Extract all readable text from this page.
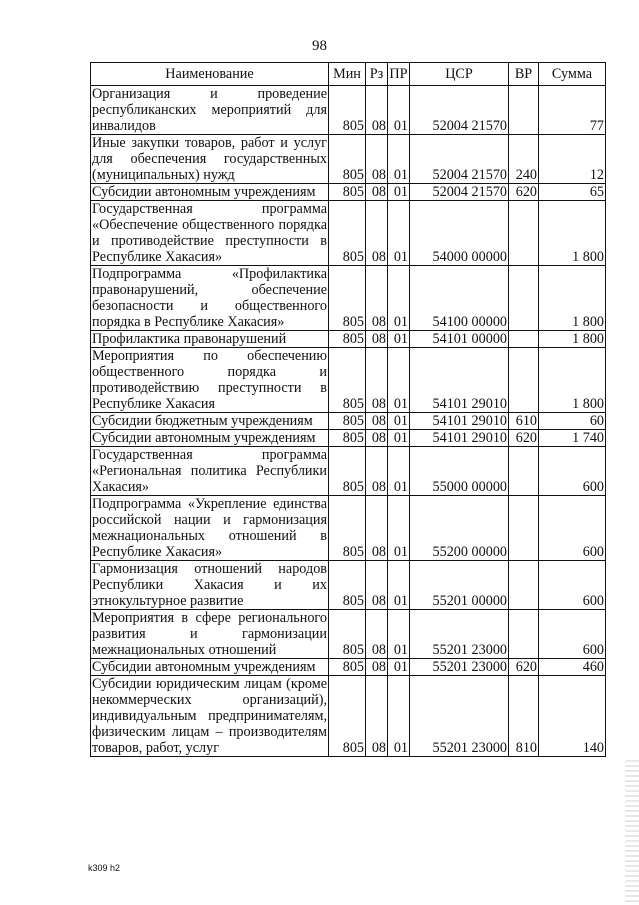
98
Наименование	Мин	Рз	ПР	ЦСР	ВР	Сумма
Организация и проведение республиканских мероприятий для инвалидов	805	08	01	52004 21570		77
Иные закупки товаров, работ и услуг для обеспечения государственных (муниципальных) нужд	805	08	01	52004 21570	240	12
Субсидии автономным учреждениям	805	08	01	52004 21570	620	65
Государственная программа «Обеспечение общественного порядка и противодействие преступности в Республике Хакасия»	805	08	01	54000 00000		1 800
Подпрограмма «Профилактика правонарушений, обеспечение безопасности и общественного порядка в Республике Хакасия»	805	08	01	54100 00000		1 800
Профилактика правонарушений	805	08	01	54101 00000		1 800
Мероприятия по обеспечению общественного порядка и противодействию преступности в Республике Хакасия	805	08	01	54101 29010		1 800
Субсидии бюджетным учреждениям	805	08	01	54101 29010	610	60
Субсидии автономным учреждениям	805	08	01	54101 29010	620	1 740
Государственная программа «Региональная политика Республики Хакасия»	805	08	01	55000 00000		600
Подпрограмма «Укрепление единства российской нации и гармонизация межнациональных отношений в Республике Хакасия»	805	08	01	55200 00000		600
Гармонизация отношений народов Республики Хакасия и их этнокультурное развитие	805	08	01	55201 00000		600
Мероприятия в сфере регионального развития и гармонизации межнациональных отношений	805	08	01	55201 23000		600
Субсидии автономным учреждениям	805	08	01	55201 23000	620	460
Субсидии юридическим лицам (кроме некоммерческих организаций), индивидуальным предпринимателям, физическим лицам – производителям товаров, работ, услуг	805	08	01	55201 23000	810	140
k309 h2
